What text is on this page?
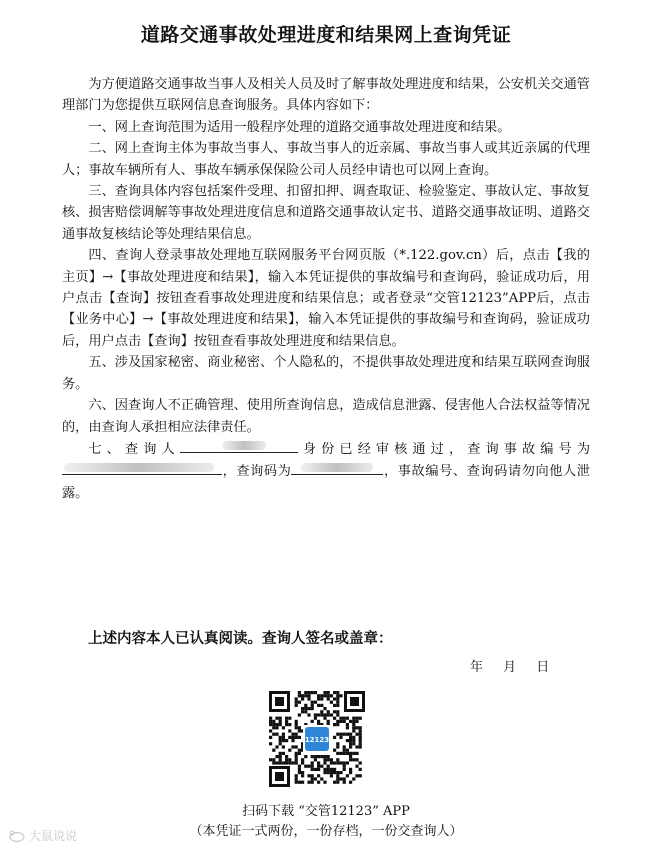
道路交通事故处理进度和结果网上查询凭证

为方便道路交通事故当事人及相关人员及时了解事故处理进度和结果，公安机关交通管理部门为您提供互联网信息查询服务。具体内容如下：

一、网上查询范围为适用一般程序处理的道路交通事故处理进度和结果。

二、网上查询主体为事故当事人、事故当事人的近亲属、事故当事人或其近亲属的代理人；事故车辆所有人、事故车辆承保保险公司人员经申请也可以网上查询。

三、查询具体内容包括案件受理、扣留扣押、调查取证、检验鉴定、事故认定、事故复核、损害赔偿调解等事故处理进度信息和道路交通事故认定书、道路交通事故证明、道路交通事故复核结论等处理结果信息。

四、查询人登录事故处理地互联网服务平台网页版（*.122.gov.cn）后，点击【我的主页】→【事故处理进度和结果】，输入本凭证提供的事故编号和查询码，验证成功后，用户点击【查询】按钮查看事故处理进度和结果信息；或者登录“交管12123”APP后，点击【业务中心】→【事故处理进度和结果】，输入本凭证提供的事故编号和查询码，验证成功后，用户点击【查询】按钮查看事故处理进度和结果信息。

五、涉及国家秘密、商业秘密、个人隐私的，不提供事故处理进度和结果互联网查询服务。

六、因查询人不正确管理、使用所查询信息，造成信息泄露、侵害他人合法权益等情况的，由查询人承担相应法律责任。

七、查询人	身份已经审核通过，查询事故编号为
，查询码为	，事故编号、查询码请勿向他人泄露。

上述内容本人已认真阅读。查询人签名或盖章：
年 月 日
12123
扫码下载 “交管12123” APP
（本凭证一式两份，一份存档，一份交查询人）
大鼠说说
